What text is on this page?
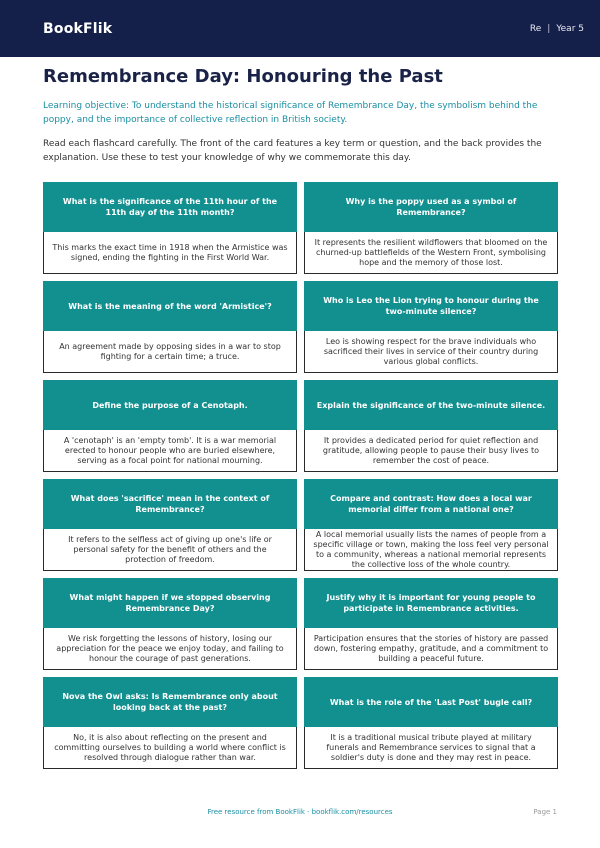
BookFlik	Re | Year 5
Remembrance Day: Honouring the Past

Learning objective: To understand the historical significance of Remembrance Day, the symbolism behind the poppy, and the importance of collective reflection in British society.

Read each flashcard carefully. The front of the card features a key term or question, and the back provides the explanation. Use these to test your knowledge of why we commemorate this day.

What is the significance of the 11th hour of the 11th day of the 11th month?
This marks the exact time in 1918 when the Armistice was signed, ending the fighting in the First World War.
Why is the poppy used as a symbol of Remembrance?
It represents the resilient wildflowers that bloomed on the churned-up battlefields of the Western Front, symbolising hope and the memory of those lost.
What is the meaning of the word 'Armistice'?
An agreement made by opposing sides in a war to stop fighting for a certain time; a truce.
Who is Leo the Lion trying to honour during the two-minute silence?
Leo is showing respect for the brave individuals who sacrificed their lives in service of their country during various global conflicts.
Define the purpose of a Cenotaph.
A 'cenotaph' is an 'empty tomb'. It is a war memorial erected to honour people who are buried elsewhere, serving as a focal point for national mourning.
Explain the significance of the two-minute silence.
It provides a dedicated period for quiet reflection and gratitude, allowing people to pause their busy lives to remember the cost of peace.
What does 'sacrifice' mean in the context of Remembrance?
It refers to the selfless act of giving up one's life or personal safety for the benefit of others and the protection of freedom.
Compare and contrast: How does a local war memorial differ from a national one?
A local memorial usually lists the names of people from a specific village or town, making the loss feel very personal to a community, whereas a national memorial represents the collective loss of the whole country.
What might happen if we stopped observing Remembrance Day?
We risk forgetting the lessons of history, losing our appreciation for the peace we enjoy today, and failing to honour the courage of past generations.
Justify why it is important for young people to participate in Remembrance activities.
Participation ensures that the stories of history are passed down, fostering empathy, gratitude, and a commitment to building a peaceful future.
Nova the Owl asks: Is Remembrance only about looking back at the past?
No, it is also about reflecting on the present and committing ourselves to building a world where conflict is resolved through dialogue rather than war.
What is the role of the 'Last Post' bugle call?
It is a traditional musical tribute played at military funerals and Remembrance services to signal that a soldier's duty is done and they may rest in peace.
Free resource from BookFlik · bookflik.com/resources	Page 1
